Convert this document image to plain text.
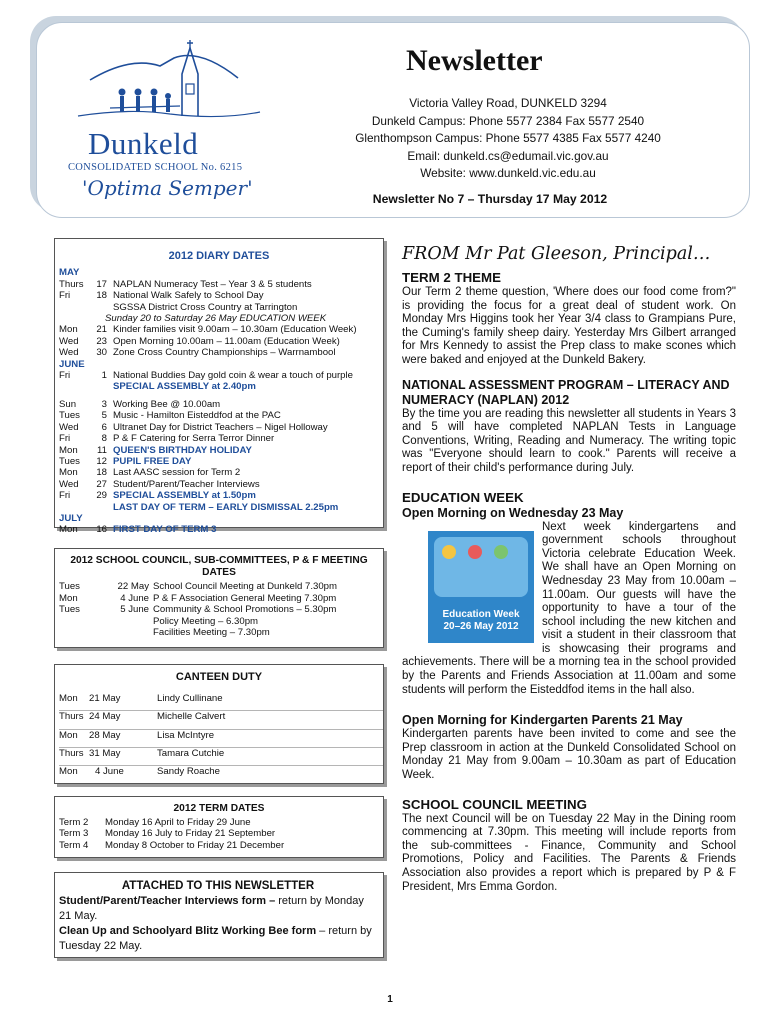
Dunkeld
CONSOLIDATED SCHOOL No. 6215
'Optima Semper'
Newsletter
Victoria Valley Road, DUNKELD 3294
Dunkeld Campus: Phone 5577 2384 Fax 5577 2540
Glenthompson Campus: Phone 5577 4385 Fax 5577 4240
Email: dunkeld.cs@edumail.vic.gov.au
Website: www.dunkeld.vic.edu.au
Newsletter No 7 – Thursday 17 May 2012
2012 DIARY DATES
MAY
Thurs	17 NAPLAN Numeracy Test – Year 3 & 5 students
Fri	18 National Walk Safely to School Day
SGSSA District Cross Country at Tarrington
Sunday 20 to Saturday 26 May EDUCATION WEEK
Mon	21 Kinder families visit 9.00am – 10.30am (Education Week)
Wed	23 Open Morning 10.00am – 11.00am (Education Week)
Wed	30 Zone Cross Country Championships – Warrnambool
JUNE
Fri	1 National Buddies Day gold coin & wear a touch of purple
SPECIAL ASSEMBLY at 2.40pm
Sun	3 Working Bee @ 10.00am
Tues	5 Music - Hamilton Eisteddfod at the PAC
Wed	6 Ultranet Day for District Teachers – Nigel Holloway
Fri	8 P & F Catering for Serra Terror Dinner
Mon	11 QUEEN'S BIRTHDAY HOLIDAY
Tues	12 PUPIL FREE DAY
Mon	18 Last AASC session for Term 2
Wed	27 Student/Parent/Teacher Interviews
Fri	29 SPECIAL ASSEMBLY at 1.50pm
LAST DAY OF TERM – EARLY DISMISSAL 2.25pm
JULY
Mon	16 FIRST DAY OF TERM 3
2012 SCHOOL COUNCIL, SUB-COMMITTEES, P & F MEETING DATES
Tues	22 May School Council Meeting at Dunkeld 7.30pm
Mon	4 June P & F Association General Meeting 7.30pm
Tues	5 June Community & School Promotions – 5.30pm
Policy Meeting – 6.30pm
Facilities Meeting – 7.30pm
CANTEEN DUTY
Mon	21 May	Lindy Cullinane
Thurs 24 May	Michelle Calvert
Mon	28 May	Lisa McIntyre
Thurs 31 May	Tamara Cutchie
Mon	4 June	Sandy Roache
2012 TERM DATES
Term 2	Monday 16 April to Friday 29 June
Term 3	Monday 16 July to Friday 21 September
Term 4	Monday 8 October to Friday 21 December
ATTACHED TO THIS NEWSLETTER
Student/Parent/Teacher Interviews form – return by Monday 21 May.
Clean Up and Schoolyard Blitz Working Bee form – return by Tuesday 22 May.
FROM Mr Pat Gleeson, Principal…
TERM 2 THEME
Our Term 2 theme question, 'Where does our food come from?" is providing the focus for a great deal of student work. On Monday Mrs Higgins took her Year 3/4 class to Grampians Pure, the Cuming's family sheep dairy. Yesterday Mrs Gilbert arranged for Mrs Kennedy to assist the Prep class to make scones which were baked and enjoyed at the Dunkeld Bakery.
NATIONAL ASSESSMENT PROGRAM – LITERACY AND NUMERACY (NAPLAN) 2012
By the time you are reading this newsletter all students in Years 3 and 5 will have completed NAPLAN Tests in Language Conventions, Writing, Reading and Numeracy. The writing topic was "Everyone should learn to cook." Parents will receive a report of their child's performance during July.
EDUCATION WEEK
Open Morning on Wednesday 23 May
Education Week
20–26 May 2012
Next week kindergartens and government schools throughout Victoria celebrate Education Week. We shall have an Open Morning on Wednesday 23 May from 10.00am – 11.00am. Our guests will have the opportunity to have a tour of the school including the new kitchen and visit a student in their classroom that is showcasing their programs and achievements. There will be a morning tea in the school provided by the Parents and Friends Association at 11.00am and some students will perform the Eisteddfod items in the hall also.
Open Morning for Kindergarten Parents 21 May
Kindergarten parents have been invited to come and see the Prep classroom in action at the Dunkeld Consolidated School on Monday 21 May from 9.00am – 10.30am as part of Education Week.
SCHOOL COUNCIL MEETING
The next Council will be on Tuesday 22 May in the Dining room commencing at 7.30pm. This meeting will include reports from the sub-committees - Finance, Community and School Promotions, Policy and Facilities. The Parents & Friends Association also provides a report which is prepared by P & F President, Mrs Emma Gordon.
1
